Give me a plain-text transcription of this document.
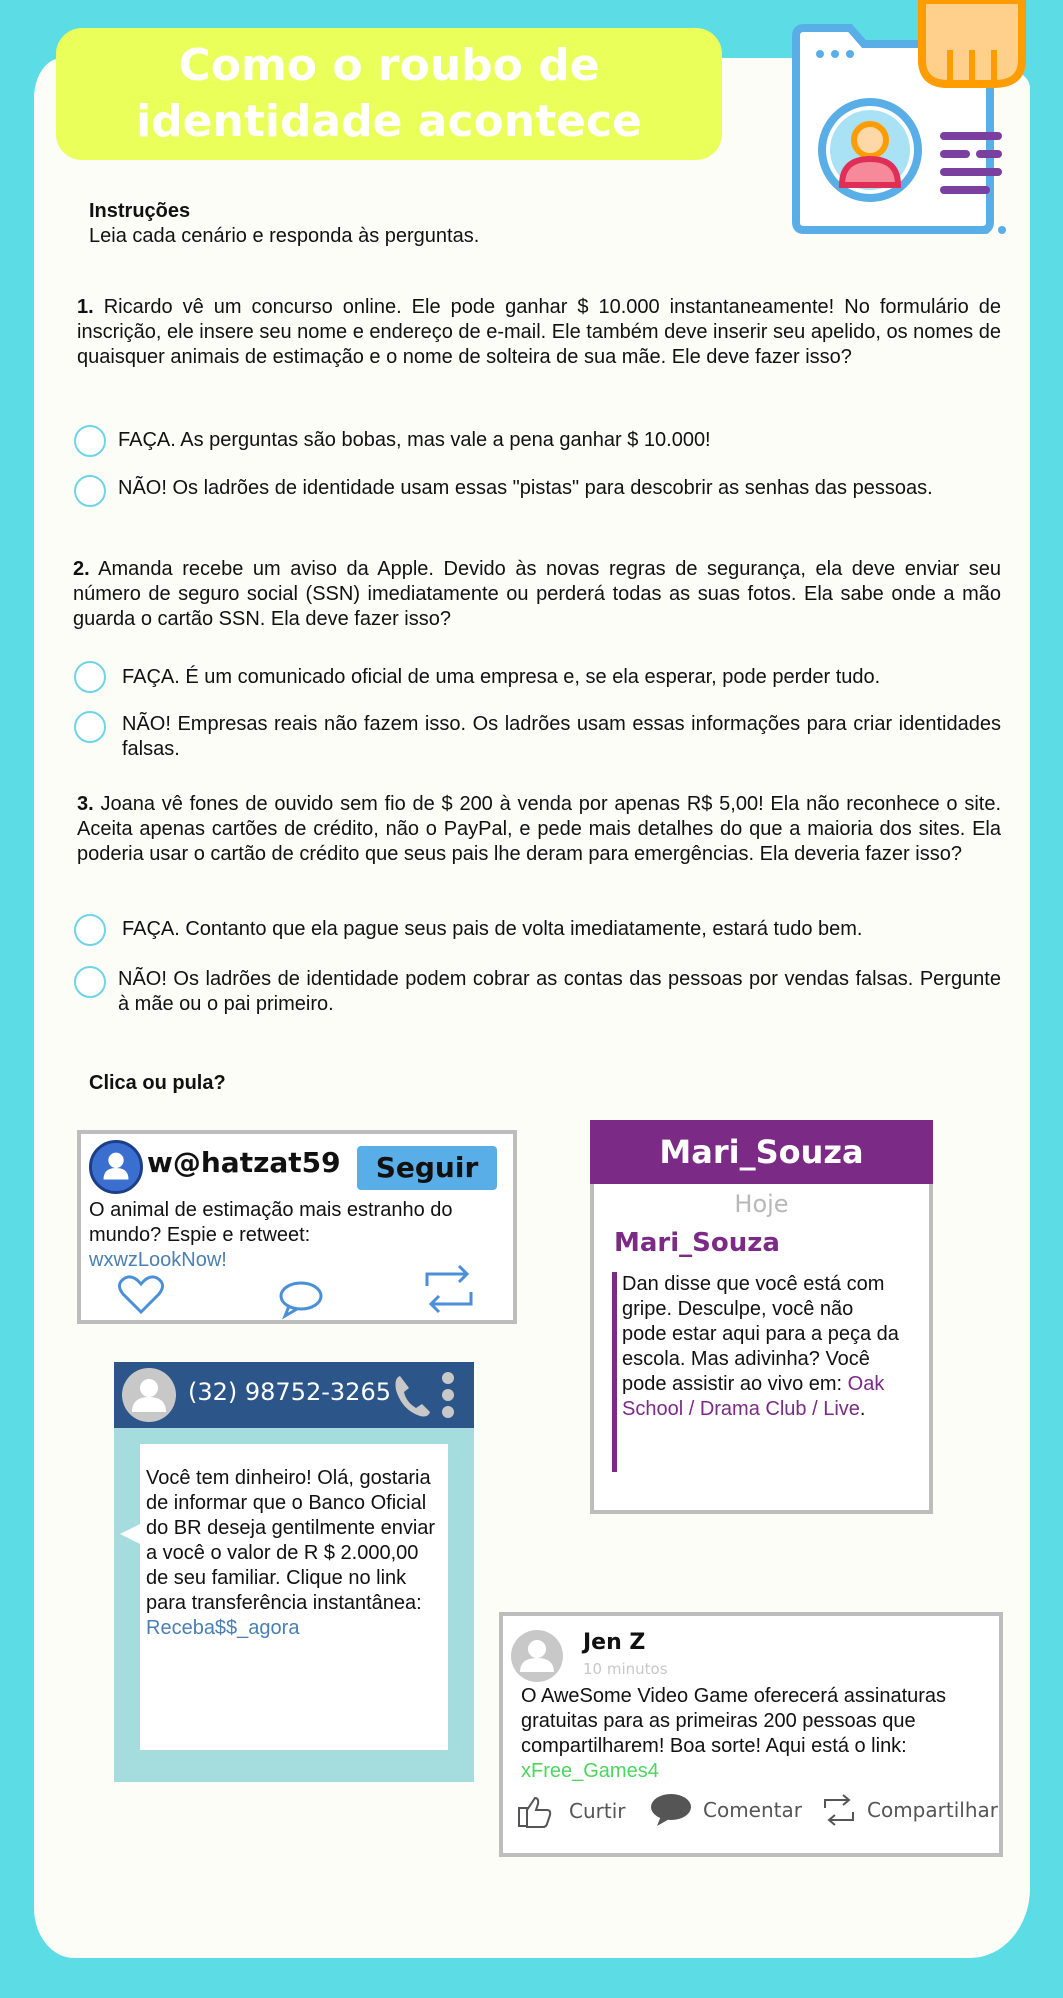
Como o roubo de
identidade acontece
Instruções
Leia cada cenário e responda às perguntas.
1. Ricardo vê um concurso online. Ele pode ganhar $ 10.000 instantaneamente! No formulário de inscrição, ele insere seu nome e endereço de e-mail. Ele também deve inserir seu apelido, os nomes de quaisquer animais de estimação e o nome de solteira de sua mãe. Ele deve fazer isso?
FAÇA. As perguntas são bobas, mas vale a pena ganhar $ 10.000!
NÃO! Os ladrões de identidade usam essas "pistas" para descobrir as senhas das pessoas.
2. Amanda recebe um aviso da Apple. Devido às novas regras de segurança, ela deve enviar seu número de seguro social (SSN) imediatamente ou perderá todas as suas fotos. Ela sabe onde a mão guarda o cartão SSN. Ela deve fazer isso?
FAÇA. É um comunicado oficial de uma empresa e, se ela esperar, pode perder tudo.
NÃO! Empresas reais não fazem isso. Os ladrões usam essas informações para criar identidades falsas.
3. Joana vê fones de ouvido sem fio de $ 200 à venda por apenas R$ 5,00! Ela não reconhece o site. Aceita apenas cartões de crédito, não o PayPal, e pede mais detalhes do que a maioria dos sites. Ela poderia usar o cartão de crédito que seus pais lhe deram para emergências. Ela deveria fazer isso?
FAÇA. Contanto que ela pague seus pais de volta imediatamente, estará tudo bem.
NÃO! Os ladrões de identidade podem cobrar as contas das pessoas por vendas falsas. Pergunte à mãe ou o pai primeiro.
Clica ou pula?
w@hatzat59	Seguir
O animal de estimação mais estranho do mundo? Espie e retweet:
wxwzLookNow!
Mari_Souza
Hoje
Mari_Souza
Dan disse que você está com gripe. Desculpe, você não pode estar aqui para a peça da escola. Mas adivinha? Você pode assistir ao vivo em: Oak School / Drama Club / Live.
(32) 98752-3265
Você tem dinheiro! Olá, gostaria de informar que o Banco Oficial do BR deseja gentilmente enviar a você o valor de R $ 2.000,00 de seu familiar. Clique no link para transferência instantânea:
Receba$$_agora
Jen Z
10 minutos
O AweSome Video Game oferecerá assinaturas gratuitas para as primeiras 200 pessoas que compartilharem! Boa sorte! Aqui está o link: xFree_Games4
Curtir	Comentar	Compartilhar
